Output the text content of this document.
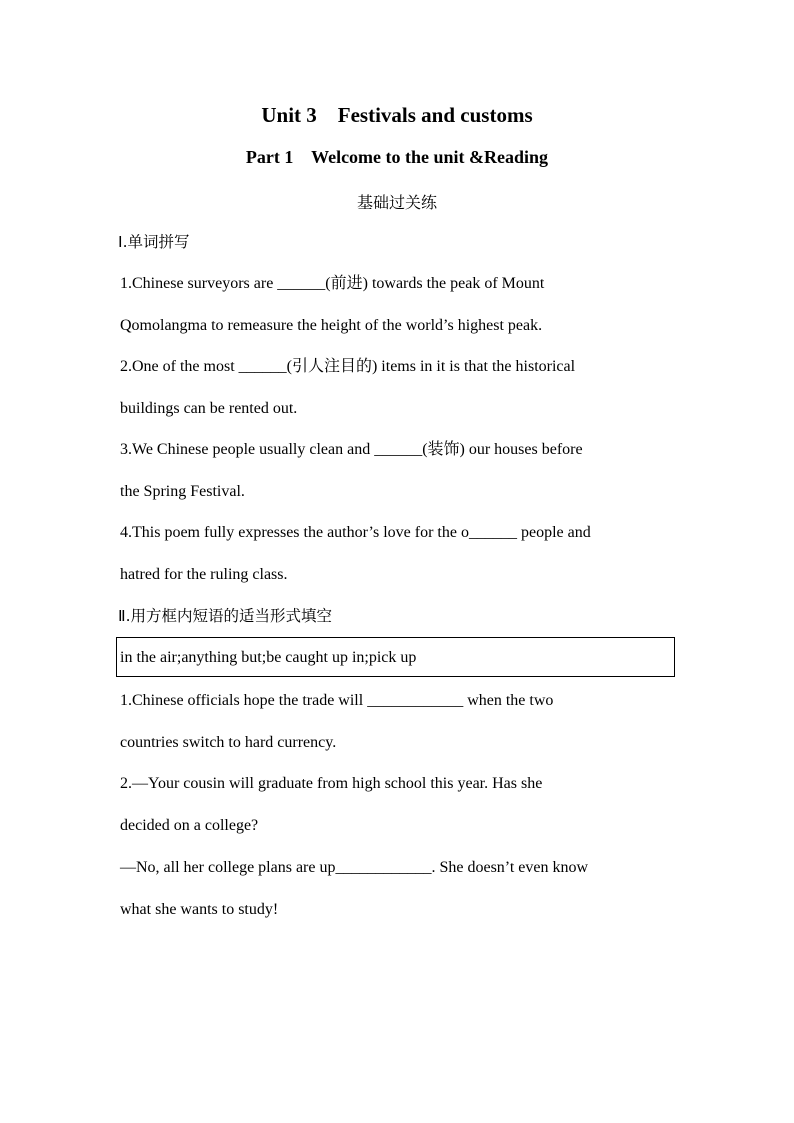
Unit 3    Festivals and customs
Part 1    Welcome to the unit &Reading
基础过关练
Ⅰ.单词拼写
1.Chinese surveyors are ______(前进) towards the peak of Mount
Qomolangma to remeasure the height of the world’s highest peak.
2.One of the most ______(引人注目的) items in it is that the historical
buildings can be rented out.
3.We Chinese people usually clean and ______(装饰) our houses before
the Spring Festival.
4.This poem fully expresses the author’s love for the o______ people and
hatred for the ruling class.
Ⅱ.用方框内短语的适当形式填空
in the air;anything but;be caught up in;pick up
1.Chinese officials hope the trade will ____________ when the two
countries switch to hard currency.
2.—Your cousin will graduate from high school this year. Has she
decided on a college?
—No, all her college plans are up____________. She doesn’t even know
what she wants to study!
